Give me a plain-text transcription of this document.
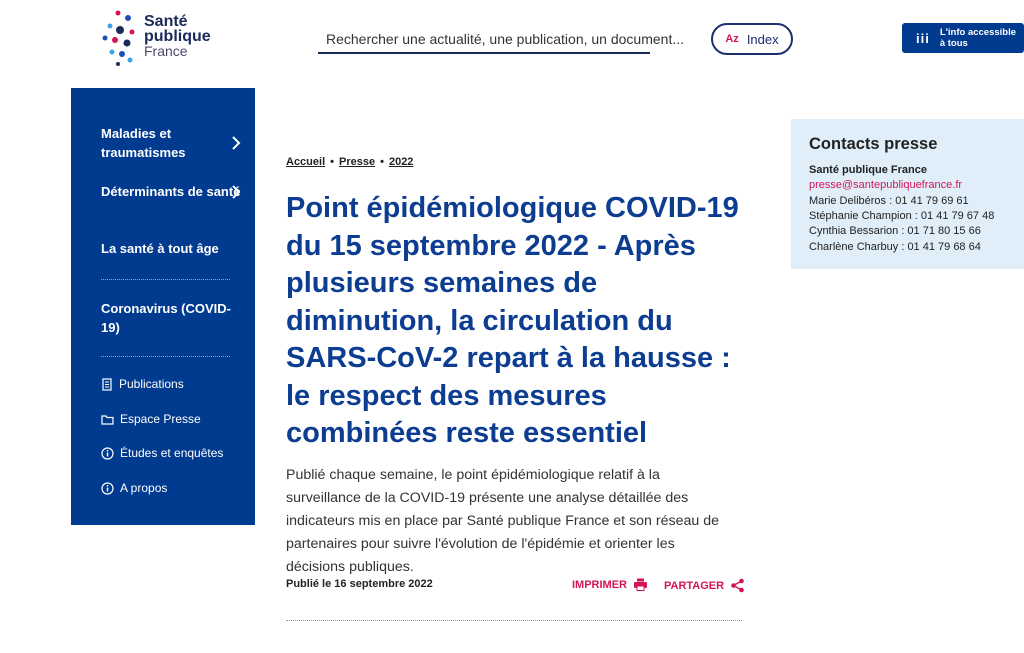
Santé
publique
France
Rechercher une actualité, une publication, un document...	Az Index	iii L'info accessible
à tous
Maladies et traumatismes
Déterminants de santé
La santé à tout âge
Coronavirus (COVID-19)
Publications
Espace Presse
Études et enquêtes
A propos
Accueil • Presse • 2022
Point épidémiologique COVID-19 du 15 septembre 2022 - Après plusieurs semaines de diminution, la circulation du SARS-CoV-2 repart à la hausse : le respect des mesures combinées reste essentiel

Publié chaque semaine, le point épidémiologique relatif à la surveillance de la COVID-19 présente une analyse détaillée des indicateurs mis en place par Santé publique France et son réseau de partenaires pour suivre l'évolution de l'épidémie et orienter les décisions publiques.

Publié le 16 septembre 2022	IMPRIMER	PARTAGER
Contacts presse
Santé publique France
presse@santepubliquefrance.fr
Marie Delibéros : 01 41 79 69 61
Stéphanie Champion : 01 41 79 67 48
Cynthia Bessarion : 01 71 80 15 66
Charlène Charbuy : 01 41 79 68 64
